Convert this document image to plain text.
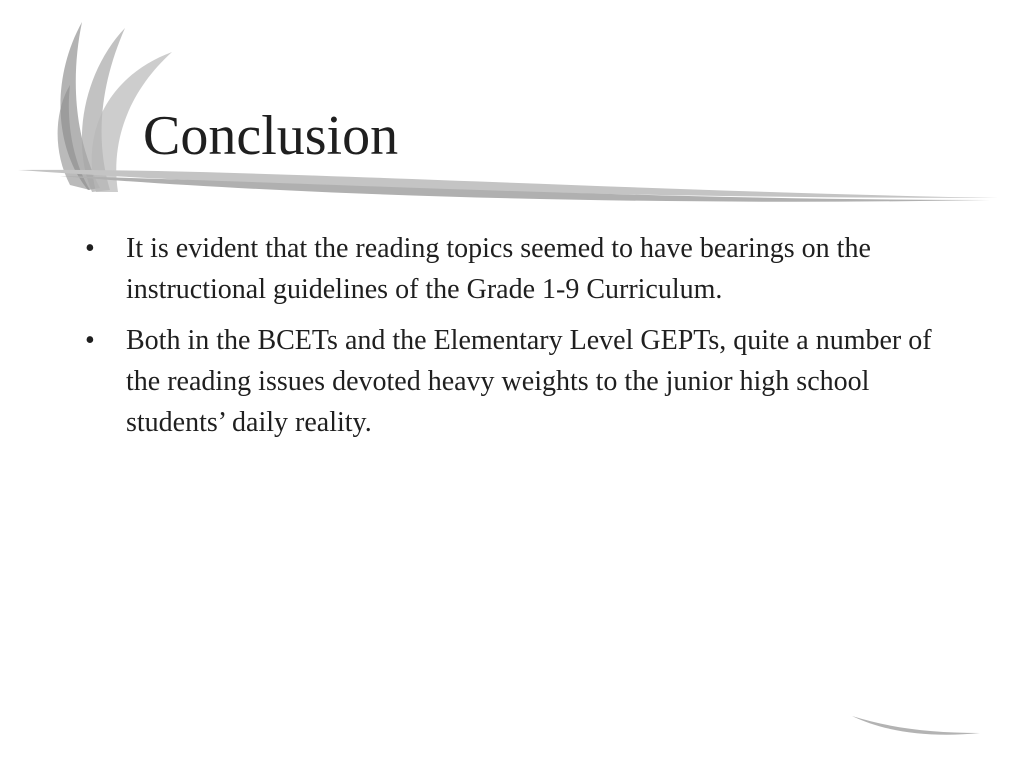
Conclusion
• It is evident that the reading topics seemed to have bearings on the instructional guidelines of the Grade 1-9 Curriculum.
• Both in the BCETs and the Elementary Level GEPTs, quite a number of the reading issues devoted heavy weights to the junior high school students’ daily reality.
